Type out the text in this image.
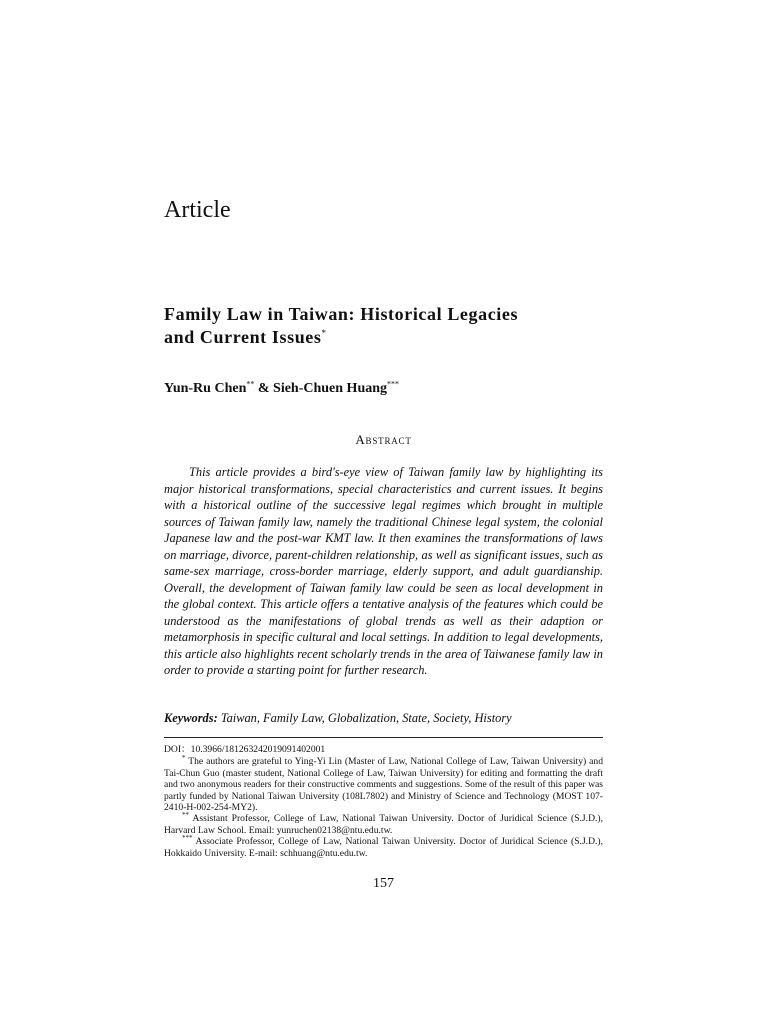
Article
Family Law in Taiwan: Historical Legacies
and Current Issues*
Yun-Ru Chen** & Sieh-Chuen Huang***
Abstract

This article provides a bird's-eye view of Taiwan family law by highlighting its major historical transformations, special characteristics and current issues. It begins with a historical outline of the successive legal regimes which brought in multiple sources of Taiwan family law, namely the traditional Chinese legal system, the colonial Japanese law and the post-war KMT law. It then examines the transformations of laws on marriage, divorce, parent-children relationship, as well as significant issues, such as same-sex marriage, cross-border marriage, elderly support, and adult guardianship. Overall, the development of Taiwan family law could be seen as local development in the global context. This article offers a tentative analysis of the features which could be understood as the manifestations of global trends as well as their adaption or metamorphosis in specific cultural and local settings. In addition to legal developments, this article also highlights recent scholarly trends in the area of Taiwanese family law in order to provide a starting point for further research.

Keywords: Taiwan, Family Law, Globalization, State, Society, History

DOI：10.3966/181263242019091402001

* The authors are grateful to Ying-Yi Lin (Master of Law, National College of Law, Taiwan University) and Tai-Chun Guo (master student, National College of Law, Taiwan University) for editing and formatting the draft and two anonymous readers for their constructive comments and suggestions. Some of the result of this paper was partly funded by National Taiwan University (108L7802) and Ministry of Science and Technology (MOST 107-2410-H-002-254-MY2).

** Assistant Professor, College of Law, National Taiwan University. Doctor of Juridical Science (S.J.D.), Harvard Law School. Email: yunruchen02138@ntu.edu.tw.

*** Associate Professor, College of Law, National Taiwan University. Doctor of Juridical Science (S.J.D.), Hokkaido University. E-mail: schhuang@ntu.edu.tw.

157
